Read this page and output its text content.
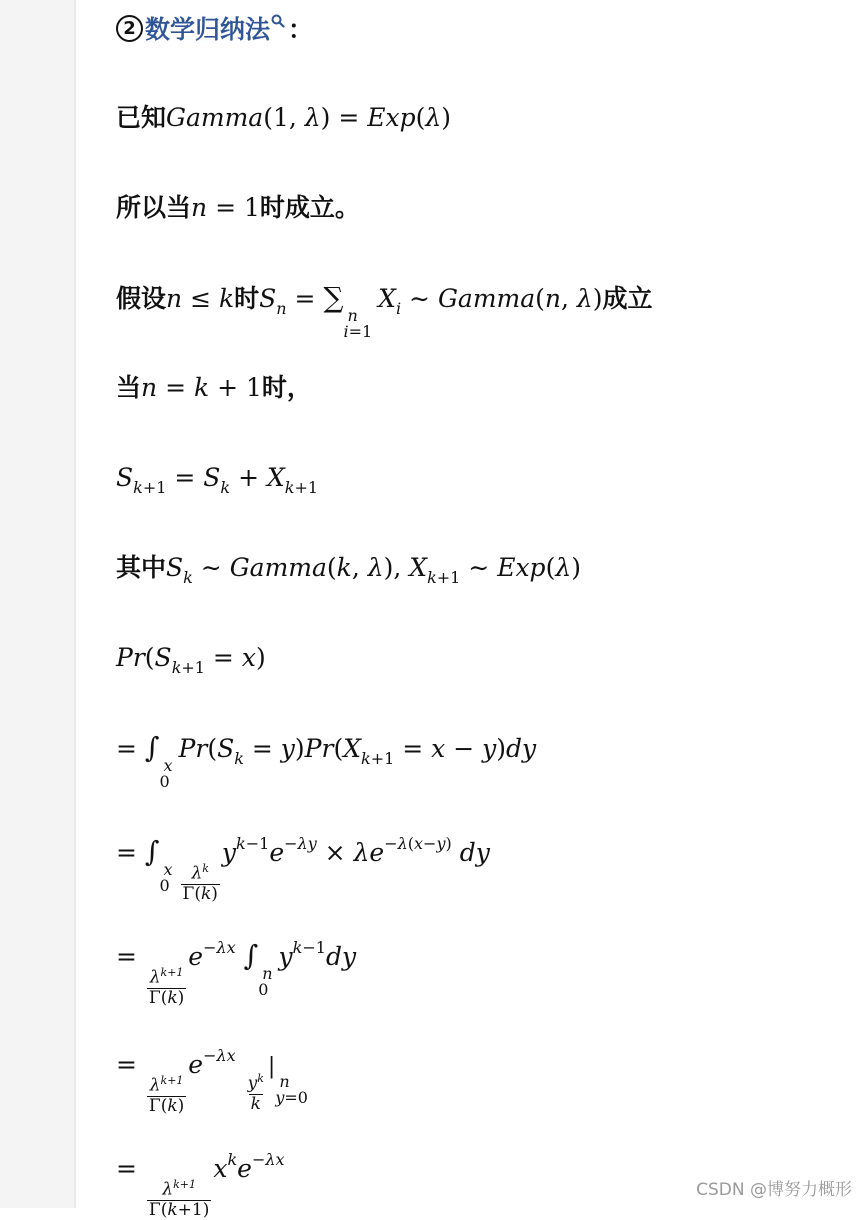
2 数学归纳法 ：
已知Gamma(1, λ) = Exp(λ)
所以当n = 1时成立。
假设n ≤ k时$S_n$ = ∑
n
i=1
$X_i$ ∼ Gamma(n, λ)成立
当n = k + 1时，
$S_{k+1} = S_k + X_{k+1}$
其中$S_k$ ∼ Gamma(k, λ), $X_{k+1}$ ∼ Exp(λ)
$Pr(S_{k+1} = x)$
= ∫
x
0
$Pr(S_k = y)Pr(X_{k+1} = x - y)dy$
= ∫
x
$0 \frac{\lambda^k}{\Gamma(k)}$
$y^{k-1}e^{-\lambda y} \times \lambda e^{-\lambda(x-y)}$ dy
=
$\frac{\lambda^{k+1}}{\Gamma(k)}$
$e^{-\lambda x}$ ∫
n
0
$y^{k-1}dy$
=
$\frac{\lambda^{k+1}}{\Gamma(k)}$
$e^{-\lambda x}$
$\frac{y^k}{k}$
|
n
y=0
=
$\frac{\lambda^{k+1}}{\Gamma(k+1)}$
$x^ke^{-\lambda x}$
CSDN @博努力概形
